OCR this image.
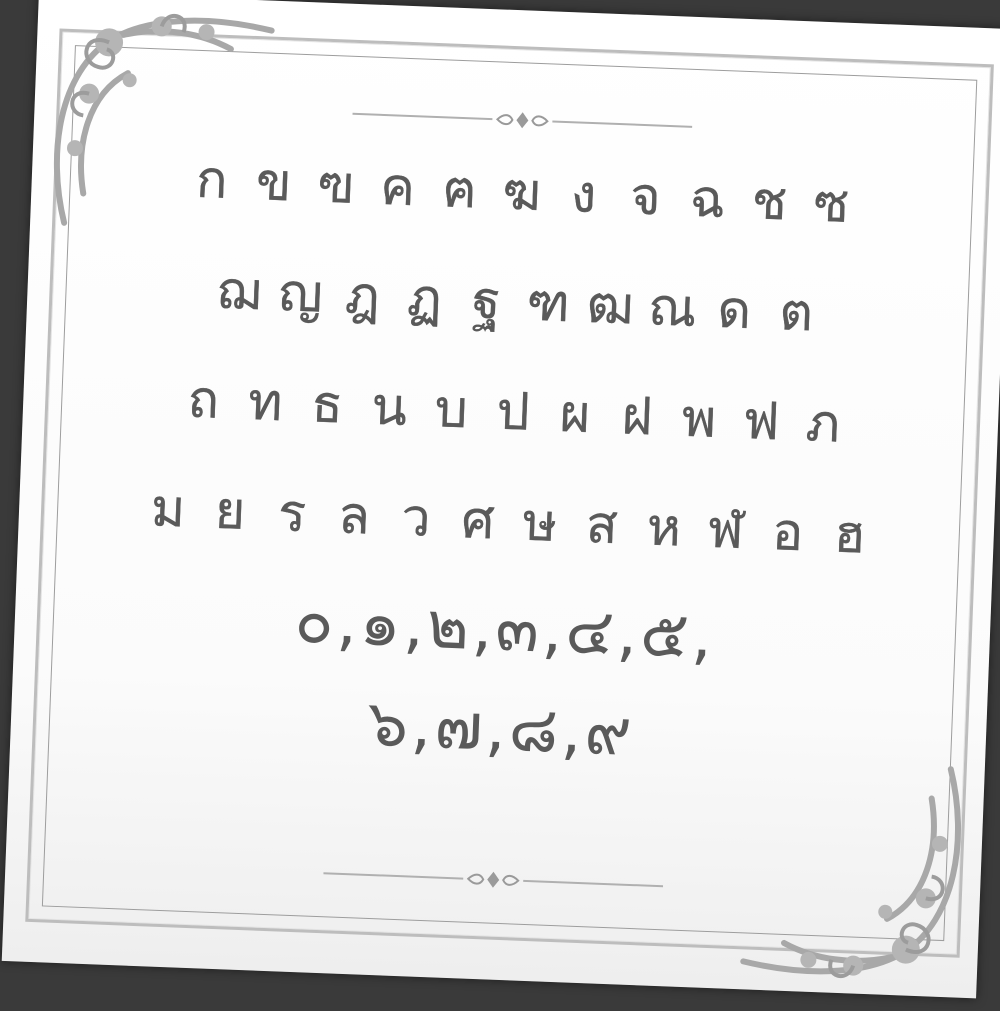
ก ข ฃ ค ฅ ฆ ง จ ฉ ช ซ
ฌ ญ ฎ ฏ ฐ ฑ ฒ ณ ด ต
ถ ท ธ น บ ป ผ ฝ พ ฟ ภ
ม ย ร ล ว ศ ษ ส ห ฬ อ ฮ
๐,๑,๒,๓,๔,๕,
๖,๗,๘,๙
